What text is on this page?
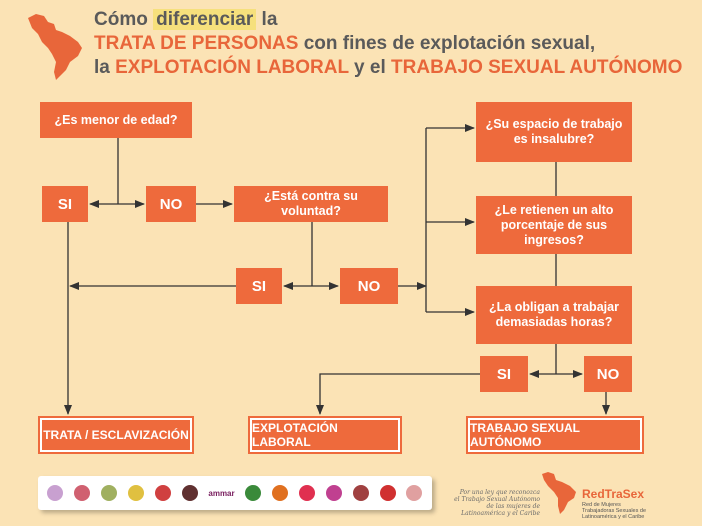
Cómo diferenciar la
TRATA DE PERSONAS con fines de explotación sexual,
la EXPLOTACIÓN LABORAL y el TRABAJO SEXUAL AUTÓNOMO
¿Es menor de edad?
SI	NO	¿Está contra su voluntad?
SI	NO
¿Su espacio de trabajo
es insalubre?
¿Le retienen un alto
porcentaje de sus ingresos?
¿La obligan a trabajar
demasiadas horas?
SI	NO
TRATA / ESCLAVIZACIÓN	EXPLOTACIÓN LABORAL
TRABAJO SEXUAL AUTÓNOMO
ammar	Por una ley que reconozca
el Trabajo Sexual Autónomo
de las mujeres de Latinoamérica y el Caribe
RedTraSex
Red de Mujeres Trabajadoras Sexuales de Latinoamérica y el Caribe
